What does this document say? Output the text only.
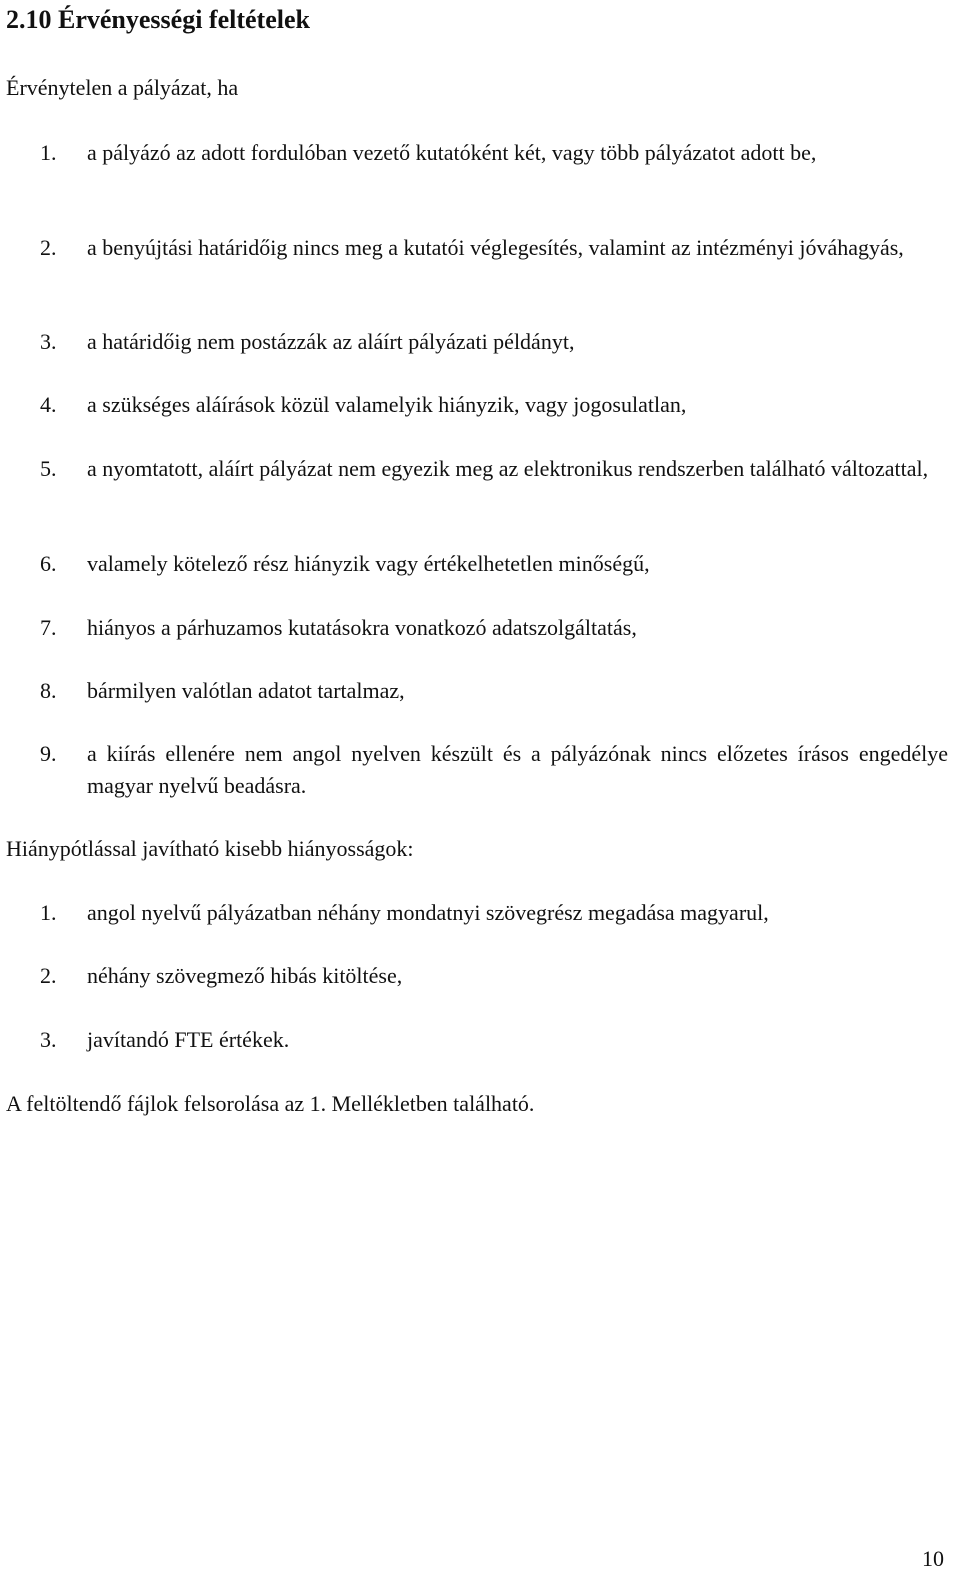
2.10 Érvényességi feltételek

Érvénytelen a pályázat, ha

1. a pályázó az adott fordulóban vezető kutatóként két, vagy több pályázatot adott be,
2. a benyújtási határidőig nincs meg a kutatói véglegesítés, valamint az intézményi jóváhagyás,
3. a határidőig nem postázzák az aláírt pályázati példányt,
4. a szükséges aláírások közül valamelyik hiányzik, vagy jogosulatlan,
5. a nyomtatott, aláírt pályázat nem egyezik meg az elektronikus rendszerben található változattal,
6. valamely kötelező rész hiányzik vagy értékelhetetlen minőségű,
7. hiányos a párhuzamos kutatásokra vonatkozó adatszolgáltatás,
8. bármilyen valótlan adatot tartalmaz,
9. a kiírás ellenére nem angol nyelven készült és a pályázónak nincs előzetes írásos engedélye magyar nyelvű beadásra.

Hiánypótlással javítható kisebb hiányosságok:

1. angol nyelvű pályázatban néhány mondatnyi szövegrész megadása magyarul,
2. néhány szövegmező hibás kitöltése,
3. javítandó FTE értékek.

A feltöltendő fájlok felsorolása az 1. Mellékletben található.

10
